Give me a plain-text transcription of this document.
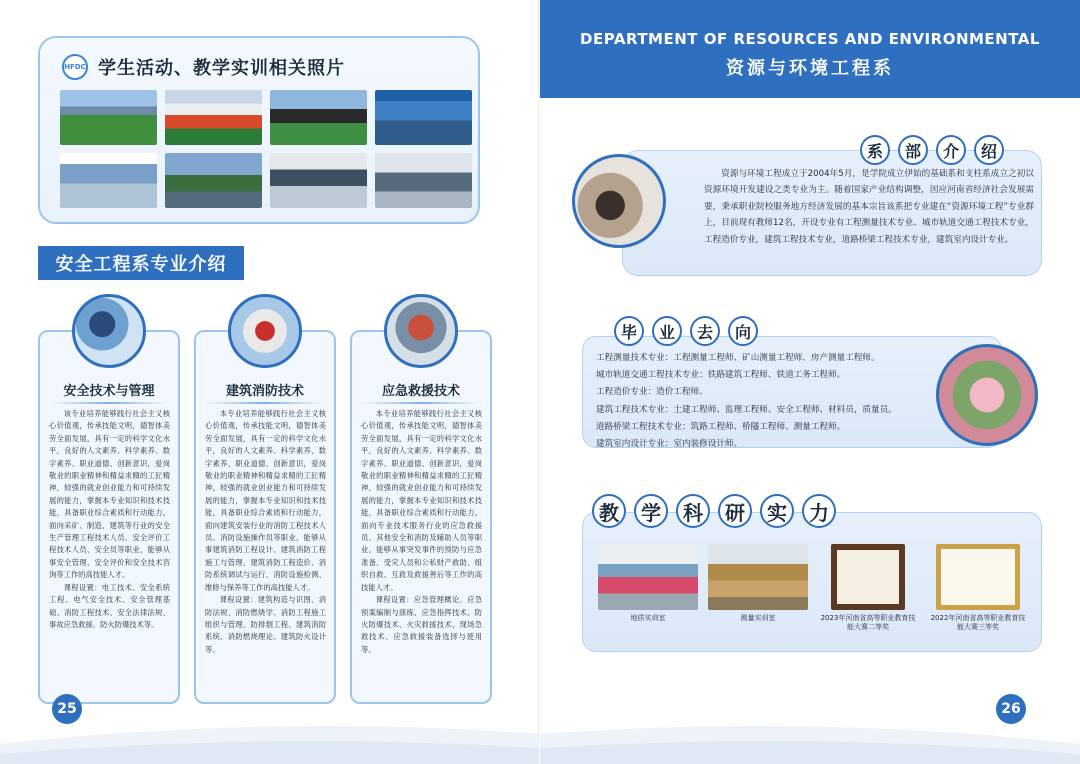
HFDC 学生活动、教学实训相关照片
安全工程系专业介绍
安全技术与管理

该专业培养能够践行社会主义核心价值观，传承技能文明，德智体美劳全面发展，具有一定的科学文化水平，良好的人文素养、科学素养、数字素养、职业道德、创新意识，爱岗敬业的职业精神和精益求精的工匠精神，较强的就业创业能力和可持续发展的能力，掌握本专业知识和技术技能，具备职业综合素质和行动能力，面向采矿、制造、建筑等行业的安全生产管理工程技术人员、安全评价工程技术人员、安全员等职业，能够从事安全管理、安全评价和安全技术咨询等工作的高技能人才。

课程设置：电工技术、安全系统工程、电气安全技术、安全管理基础、消防工程技术、安全法律法规、事故应急救援、防火防爆技术等。

建筑消防技术

本专业培养能够践行社会主义核心价值观，传承技能文明，德智体美劳全面发展，具有一定的科学文化水平，良好的人文素养、科学素养、数字素养、职业道德、创新意识，爱岗敬业的职业精神和精益求精的工匠精神，较强的就业创业能力和可持续发展的能力，掌握本专业知识和技术技能，具备职业综合素质和行动能力，面向建筑安装行业的消防工程技术人员、消防设施操作员等职业，能够从事建筑消防工程设计、建筑消防工程施工与管理、建筑消防工程造价、消防系统调试与运行、消防设施检测、维修与保养等工作的高技能人才。

课程设置：建筑构造与识图、消防法规、消防燃烧学、消防工程施工组织与管理、防排烟工程、建筑消防系统、消防燃烧理论、建筑防火设计等。

应急救援技术

本专业培养能够践行社会主义核心价值观，传承技能文明，德智体美劳全面发展，具有一定的科学文化水平，良好的人文素养、科学素养、数字素养、职业道德、创新意识，爱岗敬业的职业精神和精益求精的工匠精神，较强的就业创业能力和可持续发展的能力，掌握本专业知识和技术技能，具备职业综合素质和行动能力，面向专业技术服务行业的应急救援员、其他安全和消防及辅助人员等职业，能够从事突发事件的预防与应急准备、受灾人员和公私财产救助、组织自救、互救及救援善后等工作的高技能人才。

课程设置：应急管理概论、应急预案编制与演练、应急指挥技术、防火防爆技术、火灾救援技术、现场急救技术、应急救援装备选择与使用等。

25
DEPARTMENT OF RESOURCES AND ENVIRONMENTAL
资源与环境工程系
系	部	介	绍
资源与环境工程成立于2004年5月，是学院成立伊始的基础系和支柱系成立之初以资源环境开发建设之类专业为主。随着国家产业结构调整，因应河南省经济社会发展需要，秉承职业院校服务地方经济发展的基本宗旨该系把专业建在“资源环境工程”专业群上，目前现有教师12名，开设专业有工程测量技术专业、城市轨道交通工程技术专业，工程造价专业，建筑工程技术专业，道路桥梁工程技术专业，建筑室内设计专业。
毕	业	去	向
工程测量技术专业：工程测量工程师、矿山测量工程师、房产测量工程师。
城市轨道交通工程技术专业：铁路建筑工程师、铁道工务工程师。
工程造价专业：造价工程师。
建筑工程技术专业：土建工程师、监理工程师、安全工程师、材料员，质量员。
道路桥梁工程技术专业：筑路工程师、桥隧工程师、测量工程师。
建筑室内设计专业：室内装修设计师。
教	学	科	研	实	力
地质实训室	测量实训室	2023年河南省高等职业教育技能大赛二等奖
2022年河南省高等职业教育技能大赛三等奖
26
